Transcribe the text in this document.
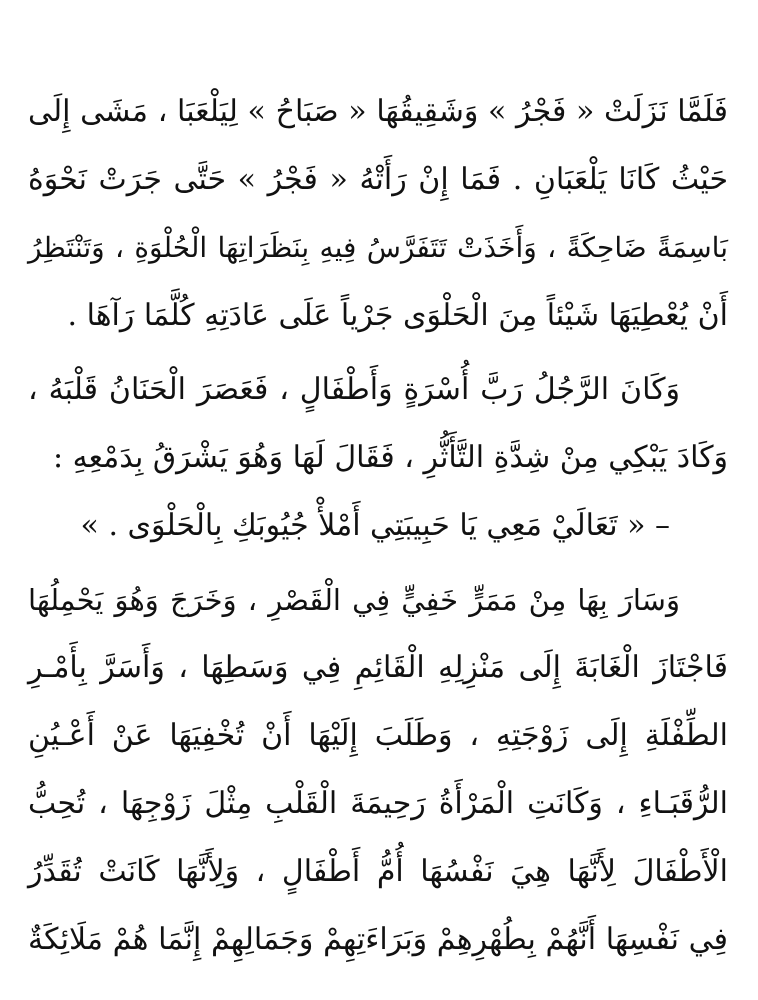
فَلَمَّا نَزَلَتْ « فَجْرُ » وَشَقِيقُهَا « صَبَاحُ » لِيَلْعَبَا ، مَشَى إِلَى
حَيْثُ كَانَا يَلْعَبَانِ . فَمَا إِنْ رَأَتْهُ « فَجْرُ » حَتَّى جَرَتْ نَحْوَهُ
بَاسِمَةً ضَاحِكَةً ، وَأَخَذَتْ تَتَفَرَّسُ فِيهِ بِنَظَرَاتِهَا الْحُلْوَةِ ، وَتَنْتَظِرُ
أَنْ يُعْطِيَهَا شَيْئاً مِنَ الْحَلْوَى جَرْياً عَلَى عَادَتِهِ كُلَّمَا رَآهَا .
وَكَانَ الرَّجُلُ رَبَّ أُسْرَةٍ وَأَطْفَالٍ ، فَعَصَرَ الْحَنَانُ قَلْبَهُ ،
وَكَادَ يَبْكِي مِنْ شِدَّةِ التَّأَثُّرِ ، فَقَالَ لَهَا وَهُوَ يَشْرَقُ بِدَمْعِهِ :
– « تَعَالَيْ مَعِي يَا حَبِيبَتِي أَمْلأْ جُيُوبَكِ بِالْحَلْوَى . »
وَسَارَ بِهَا مِنْ مَمَرٍّ خَفِيٍّ فِي الْقَصْرِ ، وَخَرَجَ وَهُوَ يَحْمِلُهَا
فَاجْتَازَ الْغَابَةَ إِلَى مَنْزِلِهِ الْقَائِمِ فِي وَسَطِهَا ، وَأَسَرَّ بِأَمْـرِ
الطِّفْلَةِ إِلَى زَوْجَتِهِ ، وَطَلَبَ إِلَيْهَا أَنْ تُخْفِيَهَا عَنْ أَعْـيُنِ
الرُّقَبَـاءِ ، وَكَانَتِ الْمَرْأَةُ رَحِيمَةَ الْقَلْبِ مِثْلَ زَوْجِهَا ، تُحِبُّ
الْأَطْفَالَ لِأَنَّهَا هِيَ نَفْسُهَا أُمُّ أَطْفَالٍ ، وَلِأَنَّهَا كَانَتْ تُقَدِّرُ
فِي نَفْسِهَا أَنَّهُمْ بِطُهْرِهِمْ وَبَرَاءَتِهِمْ وَجَمَالِهِمْ إِنَّمَا هُمْ مَلَائِكَةٌ
